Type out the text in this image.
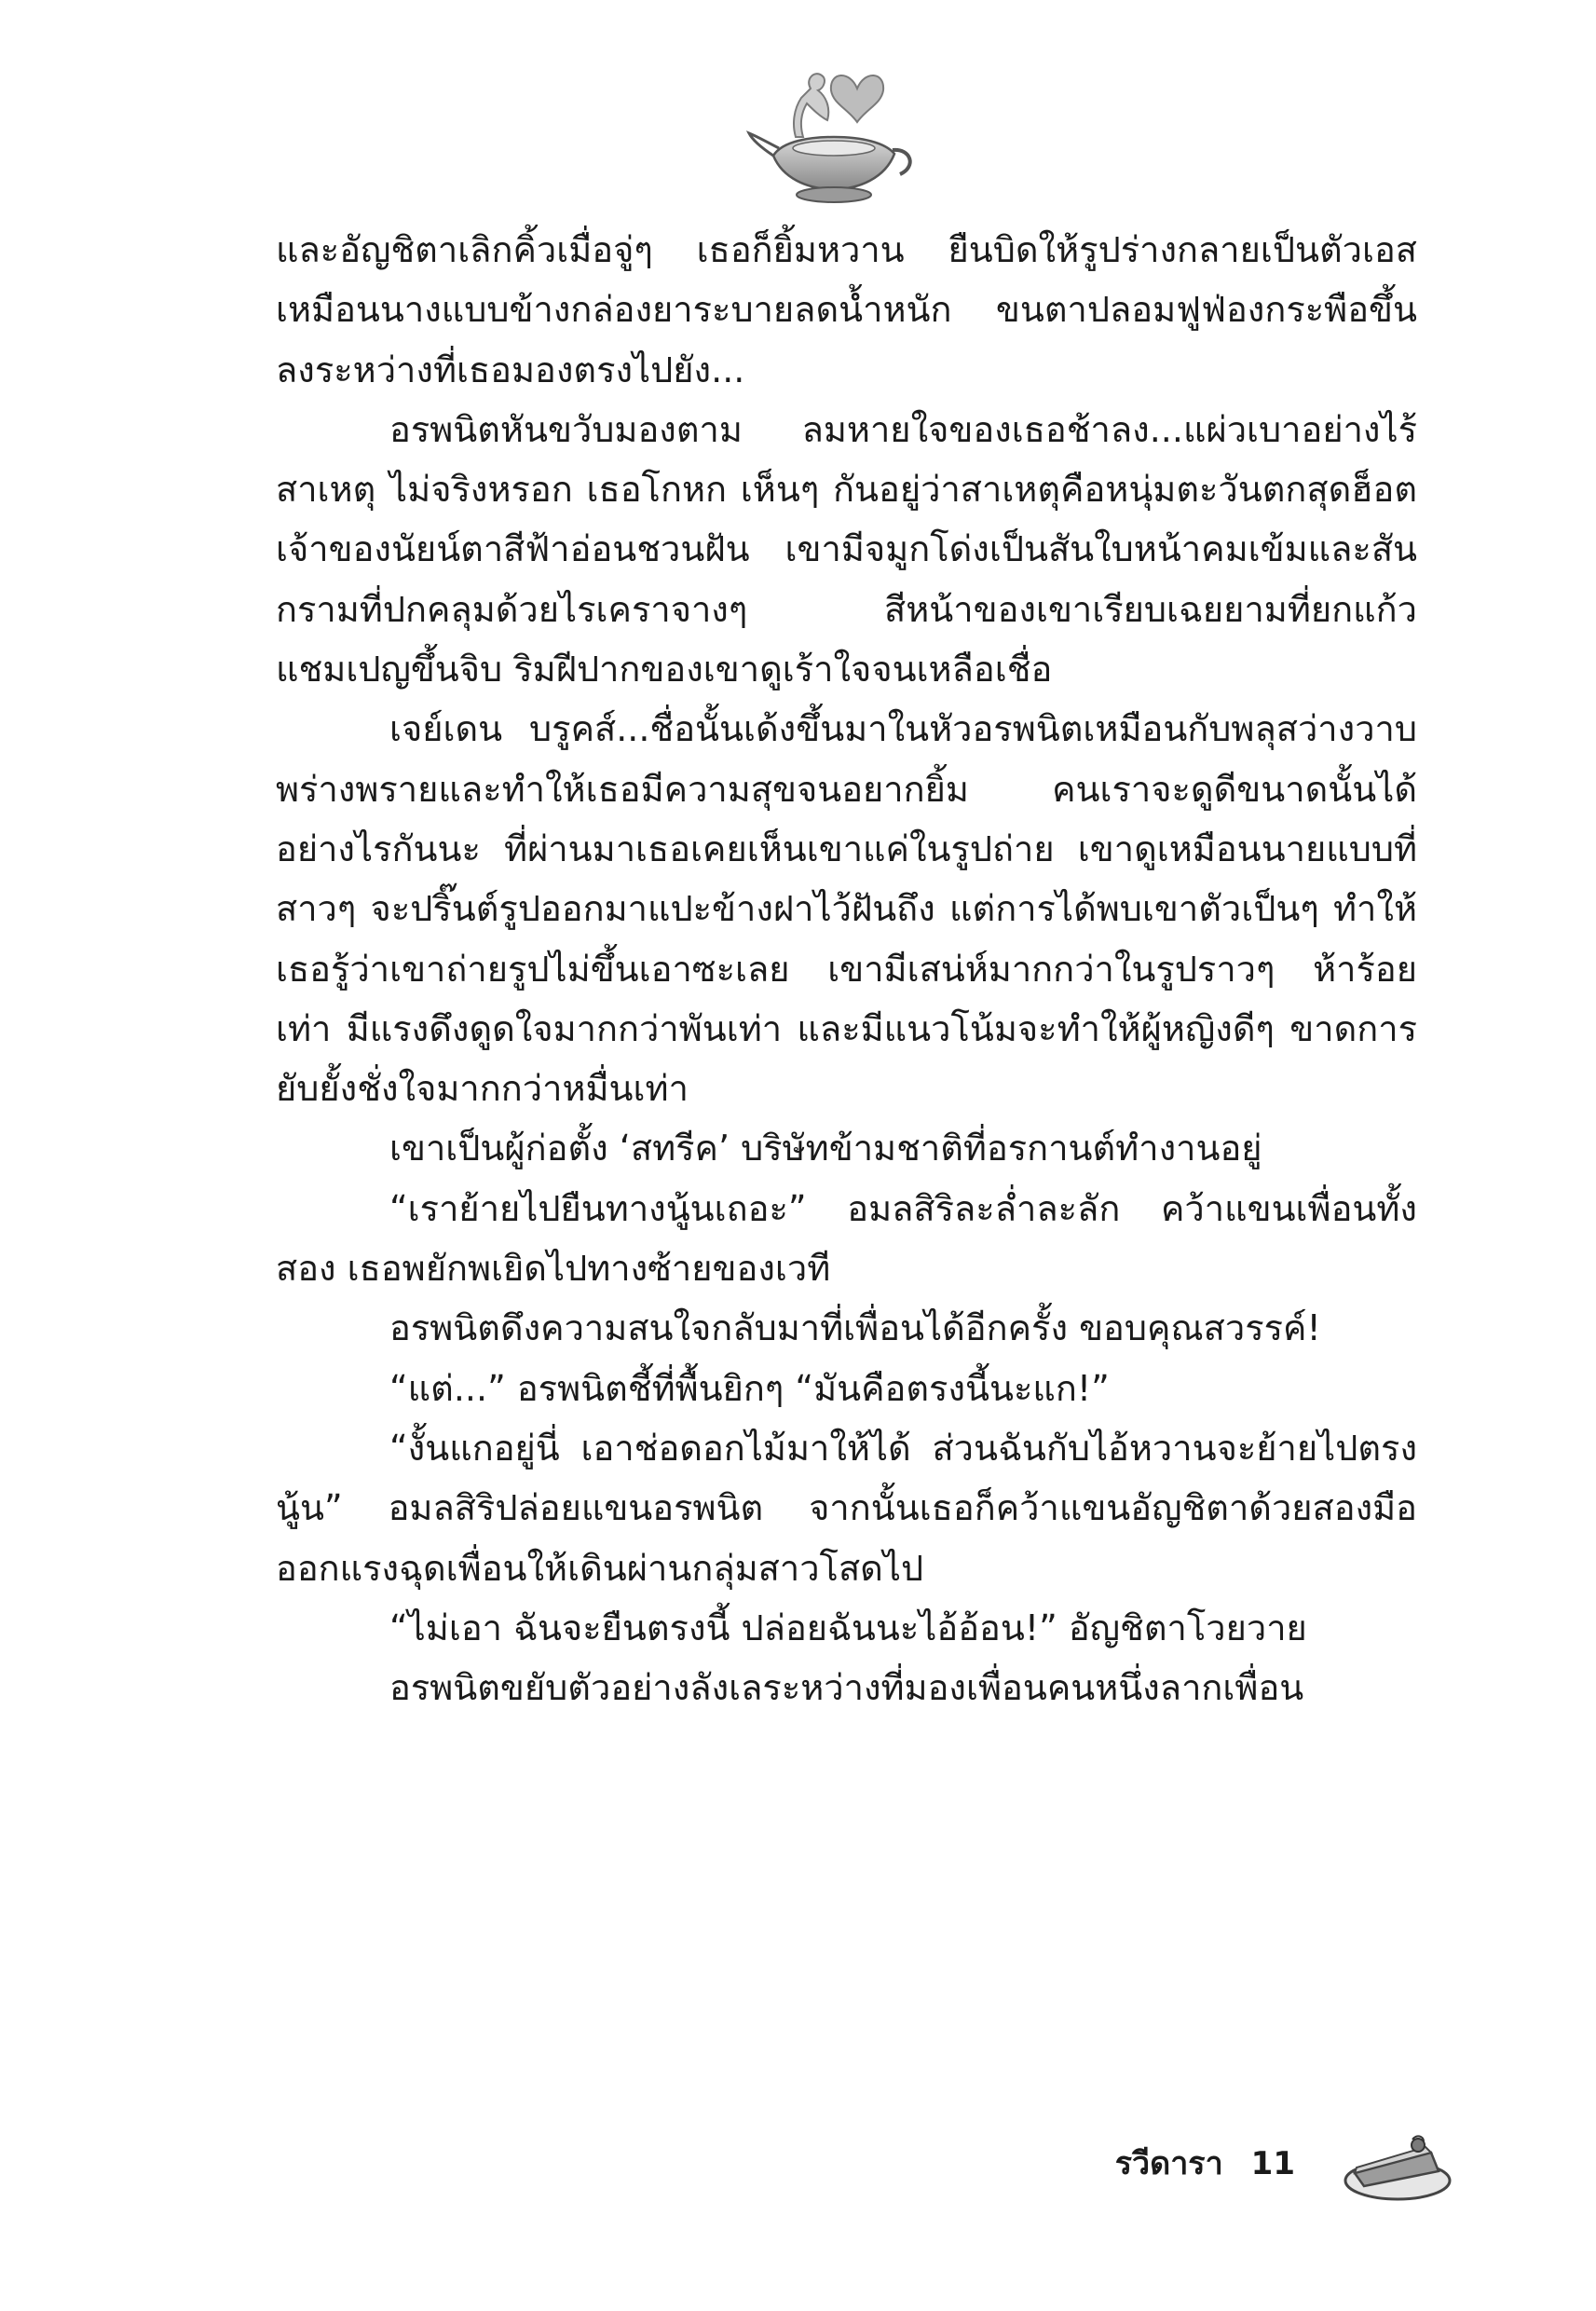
และอัญชิตาเลิกคิ้วเมื่อจู่ๆ เธอก็ยิ้มหวาน ยืนบิดให้รูปร่างกลายเป็นตัวเอสเหมือนนางแบบข้างกล่องยาระบายลดน้ำหนัก ขนตาปลอมฟูฟ่องกระพือขึ้นลงระหว่างที่เธอมองตรงไปยัง...

อรพนิตหันขวับมองตาม ลมหายใจของเธอช้าลง...แผ่วเบาอย่างไร้สาเหตุ ไม่จริงหรอก เธอโกหก เห็นๆ กันอยู่ว่าสาเหตุคือหนุ่มตะวันตกสุดฮ็อตเจ้าของนัยน์ตาสีฟ้าอ่อนชวนฝัน เขามีจมูกโด่งเป็นสันใบหน้าคมเข้มและสันกรามที่ปกคลุมด้วยไรเคราจางๆ สีหน้าของเขาเรียบเฉยยามที่ยกแก้วแชมเปญขึ้นจิบ ริมฝีปากของเขาดูเร้าใจจนเหลือเชื่อ

เจย์เดน บรูคส์...ชื่อนั้นเด้งขึ้นมาในหัวอรพนิตเหมือนกับพลุสว่างวาบ พร่างพรายและทำให้เธอมีความสุขจนอยากยิ้ม คนเราจะดูดีขนาดนั้นได้อย่างไรกันนะ ที่ผ่านมาเธอเคยเห็นเขาแค่ในรูปถ่าย เขาดูเหมือนนายแบบที่สาวๆ จะปริ๊นต์รูปออกมาแปะข้างฝาไว้ฝันถึง แต่การได้พบเขาตัวเป็นๆ ทำให้เธอรู้ว่าเขาถ่ายรูปไม่ขึ้นเอาซะเลย เขามีเสน่ห์มากกว่าในรูปราวๆ ห้าร้อยเท่า มีแรงดึงดูดใจมากกว่าพันเท่า และมีแนวโน้มจะทำให้ผู้หญิงดีๆ ขาดการยับยั้งชั่งใจมากกว่าหมื่นเท่า

เขาเป็นผู้ก่อตั้ง ‘สทรีค’ บริษัทข้ามชาติที่อรกานต์ทำงานอยู่

“เราย้ายไปยืนทางนู้นเถอะ” อมลสิริละล่ำละลัก คว้าแขนเพื่อนทั้งสอง เธอพยักพเยิดไปทางซ้ายของเวที

อรพนิตดึงความสนใจกลับมาที่เพื่อนได้อีกครั้ง ขอบคุณสวรรค์!

“แต่...” อรพนิตชี้ที่พื้นยิกๆ “มันคือตรงนี้นะแก!”

“งั้นแกอยู่นี่ เอาช่อดอกไม้มาให้ได้ ส่วนฉันกับไอ้หวานจะย้ายไปตรงนู้น” อมลสิริปล่อยแขนอรพนิต จากนั้นเธอก็คว้าแขนอัญชิตาด้วยสองมือ ออกแรงฉุดเพื่อนให้เดินผ่านกลุ่มสาวโสดไป

“ไม่เอา ฉันจะยืนตรงนี้ ปล่อยฉันนะไอ้อ้อน!” อัญชิตาโวยวาย

อรพนิตขยับตัวอย่างลังเลระหว่างที่มองเพื่อนคนหนึ่งลากเพื่อน

รวีดารา 11
